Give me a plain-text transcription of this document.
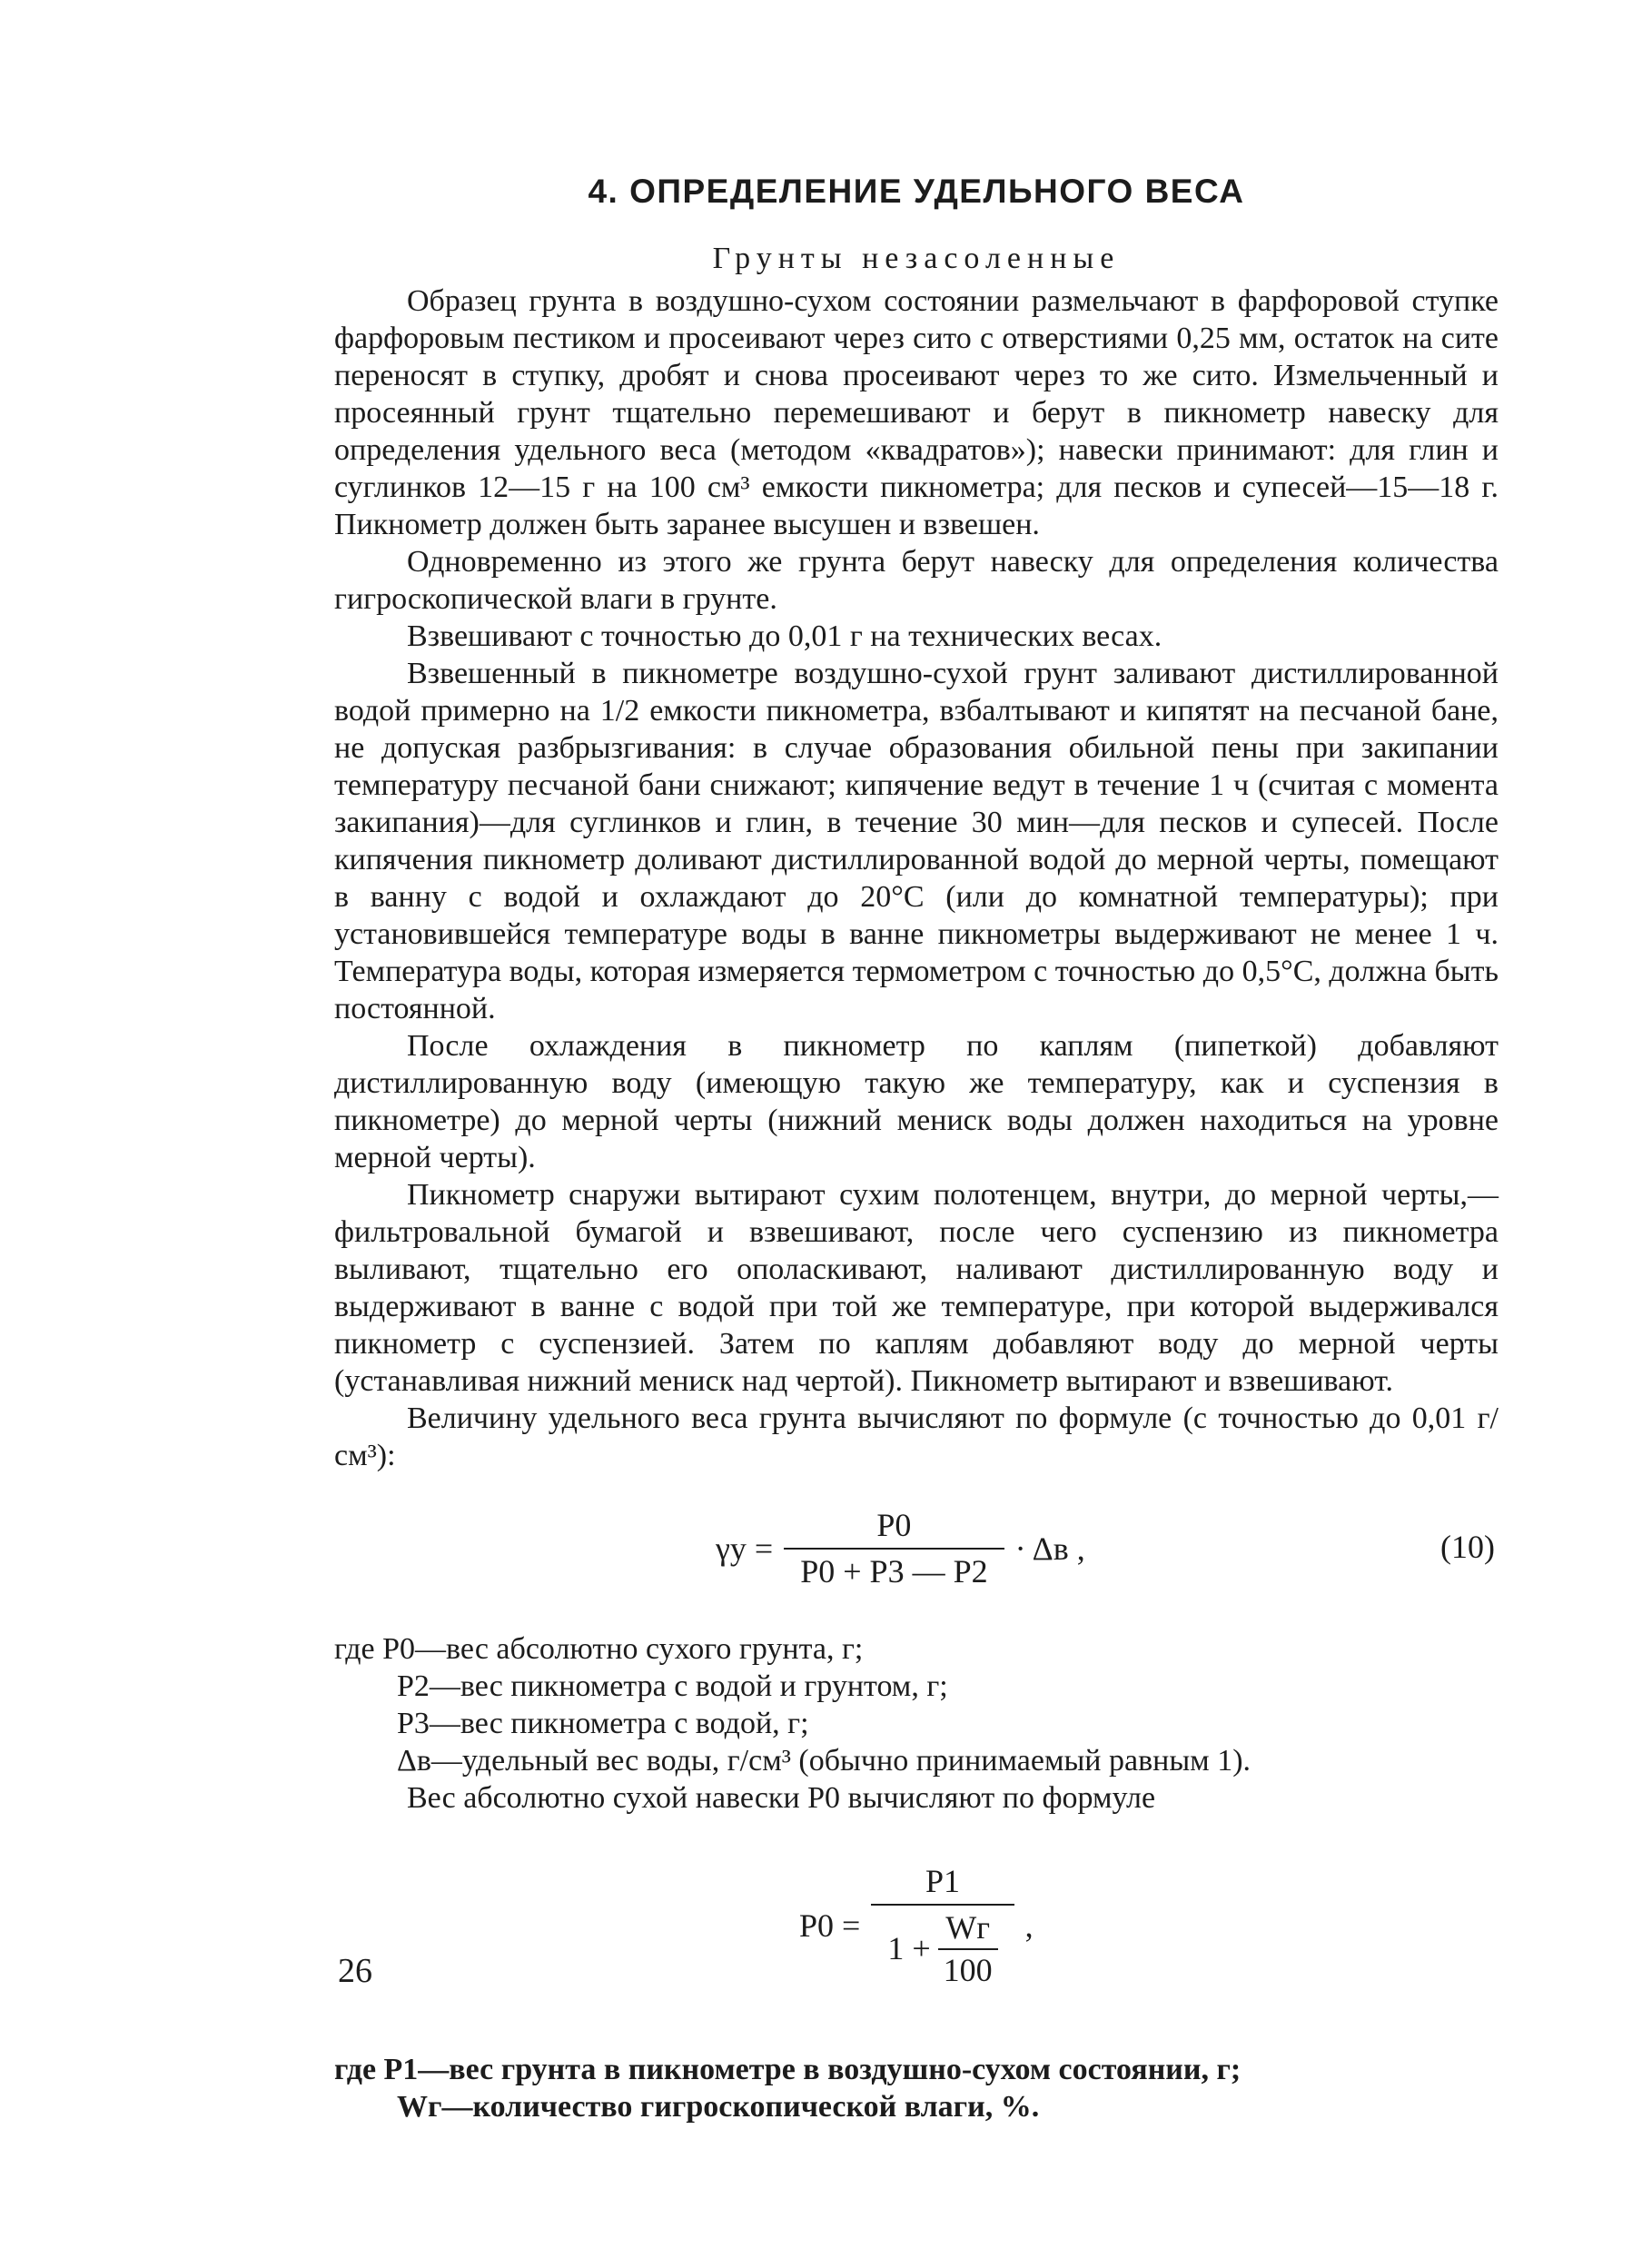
4. ОПРЕДЕЛЕНИЕ УДЕЛЬНОГО ВЕСА
Грунты незасоленные

Образец грунта в воздушно-сухом состоянии размельчают в фарфоровой ступке фарфоровым пестиком и просеивают через сито с отверстиями 0,25 мм, остаток на сите переносят в ступку, дробят и снова просеивают через то же сито. Измельченный и просеянный грунт тщательно перемешивают и берут в пикнометр навеску для определения удельного веса (методом «квадратов»); навески принимают: для глин и суглинков 12—15 г на 100 см³ емкости пикнометра; для песков и супесей—15—18 г. Пикнометр должен быть заранее высушен и взвешен.

Одновременно из этого же грунта берут навеску для определения количества гигроскопической влаги в грунте.

Взвешивают с точностью до 0,01 г на технических весах.

Взвешенный в пикнометре воздушно-сухой грунт заливают дистиллированной водой примерно на 1/2 емкости пикнометра, взбалтывают и кипятят на песчаной бане, не допуская разбрызгивания: в случае образования обильной пены при закипании температуру песчаной бани снижают; кипячение ведут в течение 1 ч (считая с момента закипания)—для суглинков и глин, в течение 30 мин—для песков и супесей. После кипячения пикнометр доливают дистиллированной водой до мерной черты, помещают в ванну с водой и охлаждают до 20°С (или до комнатной температуры); при установившейся температуре воды в ванне пикнометры выдерживают не менее 1 ч. Температура воды, которая измеряется термометром с точностью до 0,5°С, должна быть постоянной.

После охлаждения в пикнометр по каплям (пипеткой) добавляют дистиллированную воду (имеющую такую же температуру, как и суспензия в пикнометре) до мерной черты (нижний мениск воды должен находиться на уровне мерной черты).

Пикнометр снаружи вытирают сухим полотенцем, внутри, до мерной черты,—фильтровальной бумагой и взвешивают, после чего суспензию из пикнометра выливают, тщательно его ополаскивают, наливают дистиллированную воду и выдерживают в ванне с водой при той же температуре, при которой выдерживался пикнометр с суспензией. Затем по каплям добавляют воду до мерной черты (устанавливая нижний мениск над чертой). Пикнометр вытирают и взвешивают.

Величину удельного веса грунта вычисляют по формуле (с точностью до 0,01 г/см³):

$\gamma у = \frac{P0}{P0 + P3 — P2} \cdot \Delta в$ ,	(10)

где P0—вес абсолютно сухого грунта, г;

P2—вес пикнометра с водой и грунтом, г;

P3—вес пикнометра с водой, г;

Δв—удельный вес воды, г/см³ (обычно принимаемый равным 1).

Вес абсолютно сухой навески P0 вычисляют по формуле

$P0 = \frac{P1}{1 + \frac{Wг}{100}}$ ,

где P1—вес грунта в пикнометре в воздушно-сухом состоянии, г;

Wг—количество гигроскопической влаги, %.

26
